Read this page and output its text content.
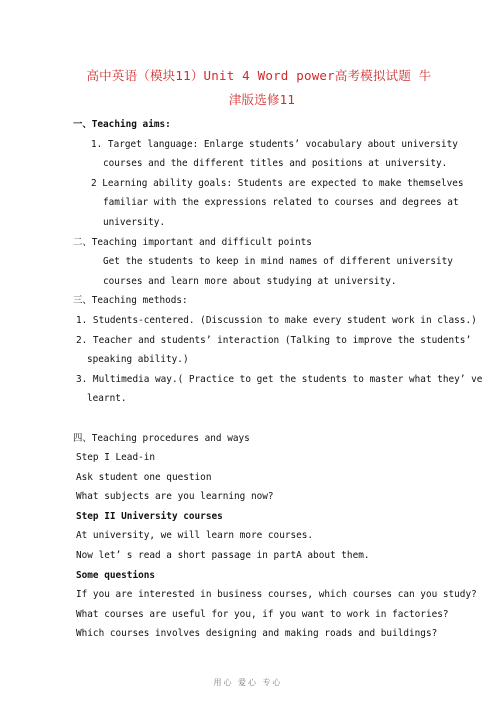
高中英语（模块11）Unit 4 Word power高考模拟试题 牛
津版选修11
一、Teaching aims:
1. Target language: Enlarge students’ vocabulary about university
courses and the different titles and positions at university.
2 Learning ability goals: Students are expected to make themselves
familiar with the expressions related to courses and degrees at
university.
二、Teaching important and difficult points
Get the students to keep in mind names of different university
courses and learn more about studying at university.
三、Teaching methods:
1. Students-centered. (Discussion to make every student work in class.)
2. Teacher and students’ interaction (Talking to improve the students’
speaking ability.)
3. Multimedia way.( Practice to get the students to master what they’ ve
learnt.
四、Teaching procedures and ways
Step I Lead-in
Ask student one question
What subjects are you learning now?
Step II University courses
At university, we will learn more courses.
Now let’ s read a short passage in partA about them.
Some questions
If you are interested in business courses, which courses can you study?
What courses are useful for you, if you want to work in factories?
Which courses involves designing and making roads and buildings?
用心 爱心 专心
